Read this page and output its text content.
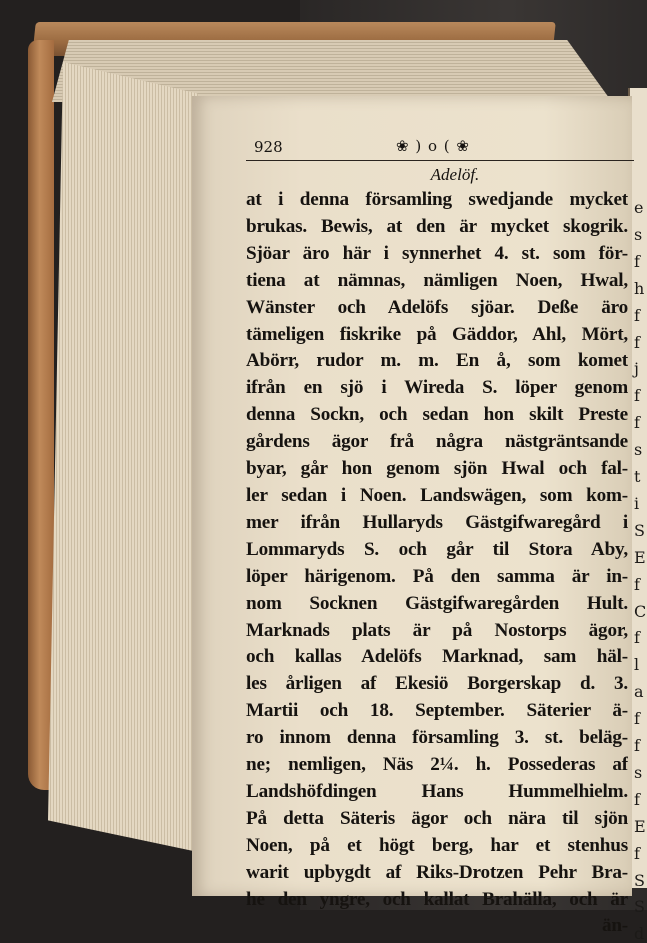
e
s
f
h
f
f
j
f
f
s
t
i
S
E
f
C
f
l
a
f
f
s
f
E
f
S
S
d
928	❀ ) o ( ❀
Adelöf.
at i denna församling swedjande mycket
brukas. Bewis, at den är mycket skogrik.
Sjöar äro här i synnerhet 4. st. som för-
tiena at nämnas, nämligen Noen, Hwal,
Wänster och Adelöfs sjöar. Deße äro
tämeligen fiskrike på Gäddor, Ahl, Mört,
Abörr, rudor m. m. En å, som komet
ifrån en sjö i Wireda S. löper genom
denna Sockn, och sedan hon skilt Preste
gårdens ägor frå några nästgräntsande
byar, går hon genom sjön Hwal och fal-
ler sedan i Noen. Landswägen, som kom-
mer ifrån Hullaryds Gästgifwaregård i
Lommaryds S. och går til Stora Aby,
löper härigenom. På den samma är in-
nom Socknen Gästgifwaregården Hult.
Marknads plats är på Nostorps ägor,
och kallas Adelöfs Marknad, sam häl-
les årligen af Ekesiö Borgerskap d. 3.
Martii och 18. September. Säterier ä-
ro innom denna församling 3. st. beläg-
ne; nemligen, Näs 2¼. h. Possederas af
Landshöfdingen Hans Hummelhielm.
På detta Säteris ägor och nära til sjön
Noen, på et högt berg, har et stenhus
warit upbygdt af Riks-Drotzen Pehr Bra-
he den yngre, och kallat Brahälla, och är
än-
